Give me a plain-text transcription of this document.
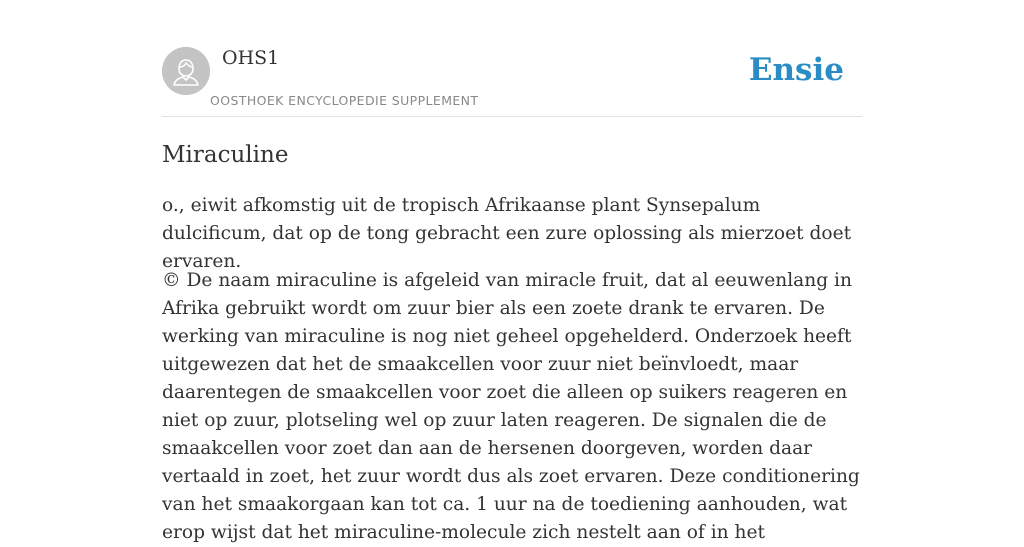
OHS1
OOSTHOEK ENCYCLOPEDIE SUPPLEMENT
Ensie
Miraculine

o., eiwit afkomstig uit de tropisch Afrikaanse plant Synsepalum dulcificum, dat op de tong gebracht een zure oplossing als mierzoet doet ervaren.

© De naam miraculine is afgeleid van miracle fruit, dat al eeuwenlang in Afrika gebruikt wordt om zuur bier als een zoete drank te ervaren. De werking van miraculine is nog niet geheel opgehelderd. Onderzoek heeft uitgewezen dat het de smaakcellen voor zuur niet beïnvloedt, maar daarentegen de smaakcellen voor zoet die alleen op suikers reageren en niet op zuur, plotseling wel op zuur laten reageren. De signalen die de smaakcellen voor zoet dan aan de hersenen doorgeven, worden daar vertaald in zoet, het zuur wordt dus als zoet ervaren. Deze conditionering van het smaakorgaan kan tot ca. 1 uur na de toediening aanhouden, wat erop wijst dat het miraculine-molecule zich nestelt aan of in het
